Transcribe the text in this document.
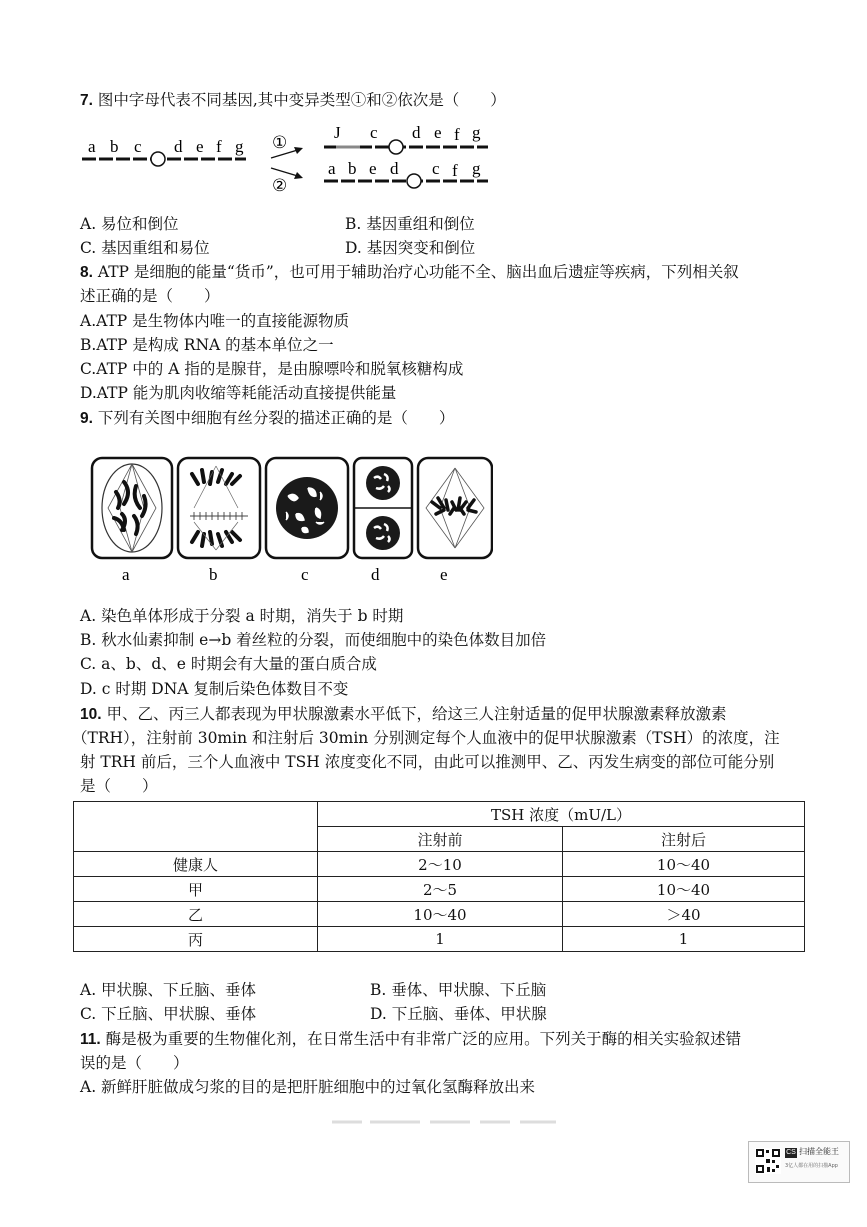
7. 图中字母代表不同基因,其中变异类型①和②依次是（　　）
a b c d e f g ①
②
J c d e f g
a b e d c f g
A. 易位和倒位	B. 基因重组和倒位
C. 基因重组和易位	D. 基因突变和倒位
8. ATP 是细胞的能量“货币”，也可用于辅助治疗心功能不全、脑出血后遗症等疾病，下列相关叙
述正确的是（　　）
A.ATP 是生物体内唯一的直接能源物质
B.ATP 是构成 RNA 的基本单位之一
C.ATP 中的 A 指的是腺苷，是由腺嘌呤和脱氧核糖构成
D.ATP 能为肌肉收缩等耗能活动直接提供能量
9. 下列有关图中细胞有丝分裂的描述正确的是（　　）
a	b	c	d	e
A. 染色单体形成于分裂 a 时期，消失于 b 时期
B. 秋水仙素抑制 e→b 着丝粒的分裂，而使细胞中的染色体数目加倍
C. a、b、d、e 时期会有大量的蛋白质合成
D. c 时期 DNA 复制后染色体数目不变
10. 甲、乙、丙三人都表现为甲状腺激素水平低下，给这三人注射适量的促甲状腺激素释放激素
（TRH），注射前 30min 和注射后 30min 分别测定每个人血液中的促甲状腺激素（TSH）的浓度，注
射 TRH 前后，三个人血液中 TSH 浓度变化不同，由此可以推测甲、乙、丙发生病变的部位可能分别
是（　　）
	TSH 浓度（mU/L）	
	注射前	注射后
健康人	2～10	10～40
甲	2～5	10～40
乙	10～40	＞40
丙	1	1
A. 甲状腺、下丘脑、垂体	B. 垂体、甲状腺、下丘脑
C. 下丘脑、甲状腺、垂体	D. 下丘脑、垂体、甲状腺
11. 酶是极为重要的生物催化剂，在日常生活中有非常广泛的应用。下列关于酶的相关实验叙述错
误的是（　　）
A. 新鲜肝脏做成匀浆的目的是把肝脏细胞中的过氧化氢酶释放出来
CS 扫描全能王
3亿人都在用的扫描App
